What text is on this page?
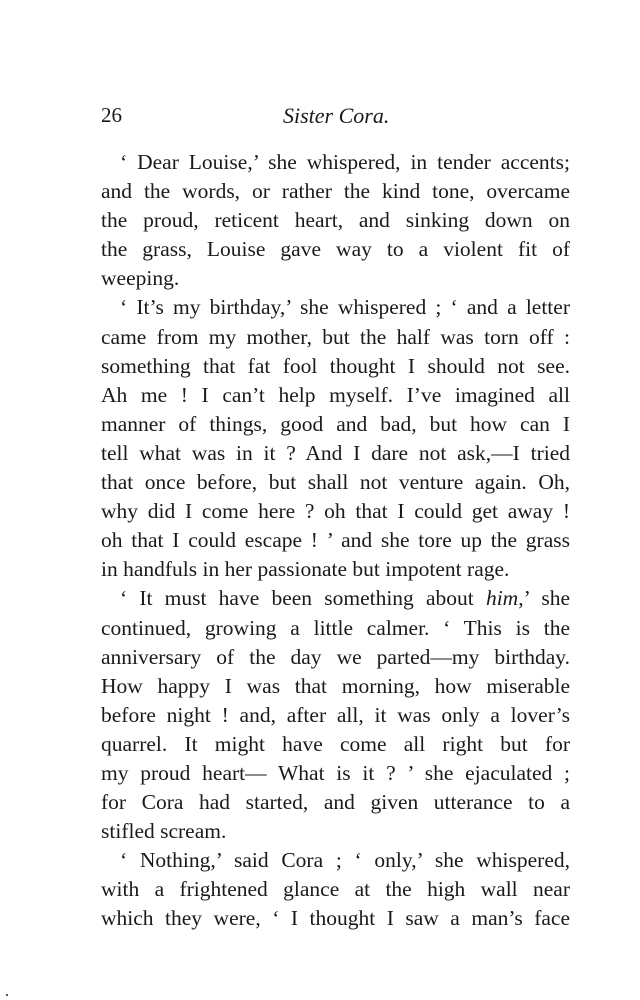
26	Sister Cora.
‘ Dear Louise,’ she whispered, in tender accents;
and the words, or rather the kind tone, overcame
the proud, reticent heart, and sinking down on
the grass, Louise gave way to a violent fit of
weeping.
‘ It’s my birthday,’ she whispered ; ‘ and a letter
came from my mother, but the half was torn off :
something that fat fool thought I should not see.
Ah me ! I can’t help myself. I’ve imagined all
manner of things, good and bad, but how can I
tell what was in it ? And I dare not ask,—I tried
that once before, but shall not venture again. Oh,
why did I come here ? oh that I could get away !
oh that I could escape ! ’ and she tore up the grass
in handfuls in her passionate but impotent rage.
‘ It must have been something about him,’ she
continued, growing a little calmer. ‘ This is the
anniversary of the day we parted—my birthday.
How happy I was that morning, how miserable
before night ! and, after all, it was only a lover’s
quarrel. It might have come all right but for
my proud heart— What is it ? ’ she ejaculated ;
for Cora had started, and given utterance to a
stifled scream.
‘ Nothing,’ said Cora ; ‘ only,’ she whispered,
with a frightened glance at the high wall near
which they were, ‘ I thought I saw a man’s face
